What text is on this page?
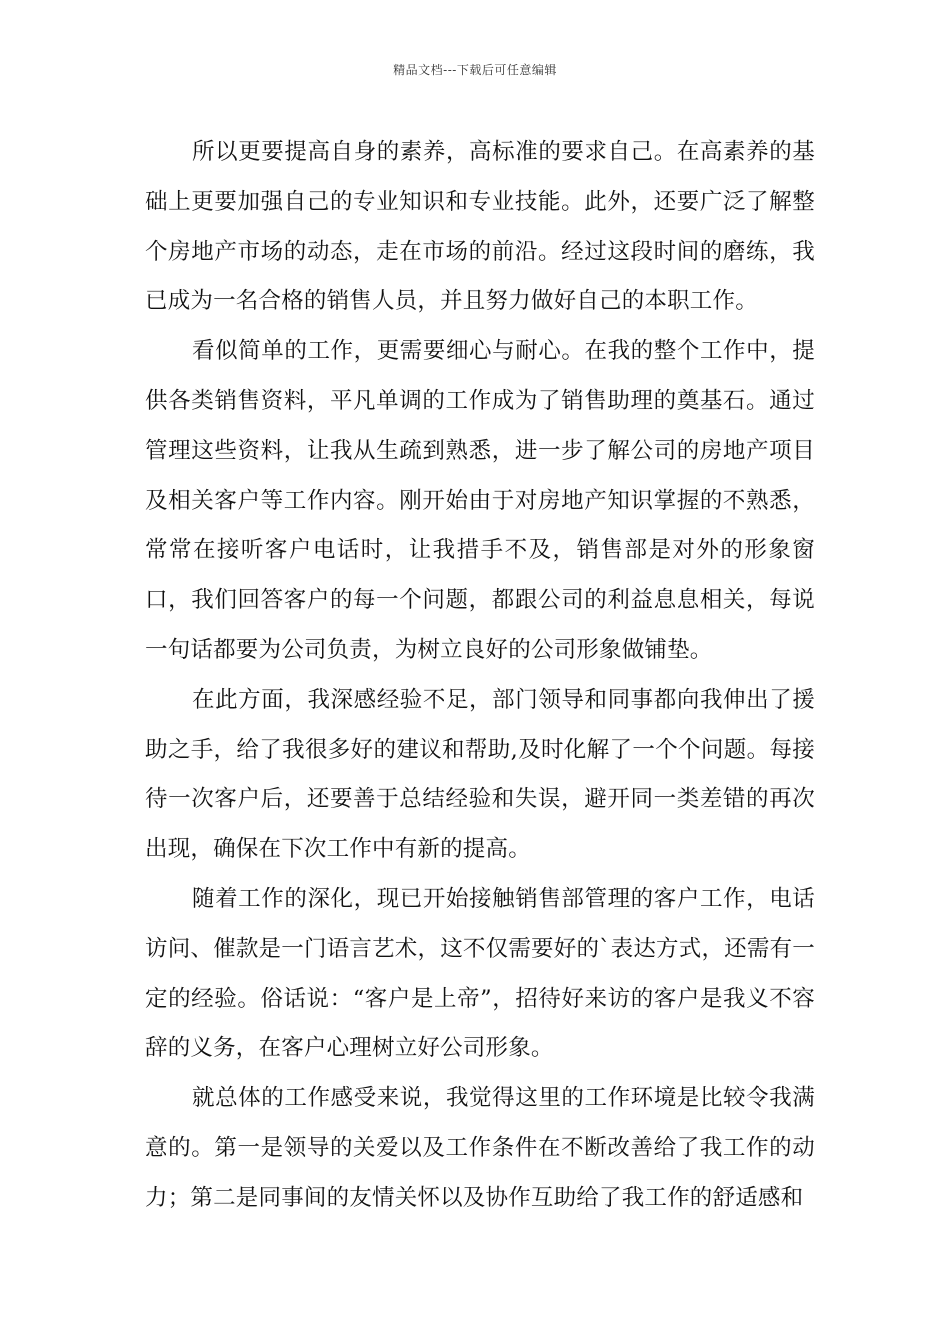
精品文档---下载后可任意编辑

所以更要提高自身的素养，高标准的要求自己。在高素养的基础上更要加强自己的专业知识和专业技能。此外，还要广泛了解整个房地产市场的动态，走在市场的前沿。经过这段时间的磨练，我已成为一名合格的销售人员，并且努力做好自己的本职工作。

看似简单的工作，更需要细心与耐心。在我的整个工作中，提供各类销售资料，平凡单调的工作成为了销售助理的奠基石。通过管理这些资料，让我从生疏到熟悉，进一步了解公司的房地产项目及相关客户等工作内容。刚开始由于对房地产知识掌握的不熟悉，常常在接听客户电话时，让我措手不及，销售部是对外的形象窗口，我们回答客户的每一个问题，都跟公司的利益息息相关，每说一句话都要为公司负责，为树立良好的公司形象做铺垫。

在此方面，我深感经验不足，部门领导和同事都向我伸出了援助之手，给了我很多好的建议和帮助,及时化解了一个个问题。每接待一次客户后，还要善于总结经验和失误，避开同一类差错的再次出现，确保在下次工作中有新的提高。

随着工作的深化，现已开始接触销售部管理的客户工作，电话访问、催款是一门语言艺术，这不仅需要好的`表达方式，还需有一定的经验。俗话说：“客户是上帝”，招待好来访的客户是我义不容辞的义务，在客户心理树立好公司形象。

就总体的工作感受来说，我觉得这里的工作环境是比较令我满意的。第一是领导的关爱以及工作条件在不断改善给了我工作的动力；第二是同事间的友情关怀以及协作互助给了我工作的舒适感和
